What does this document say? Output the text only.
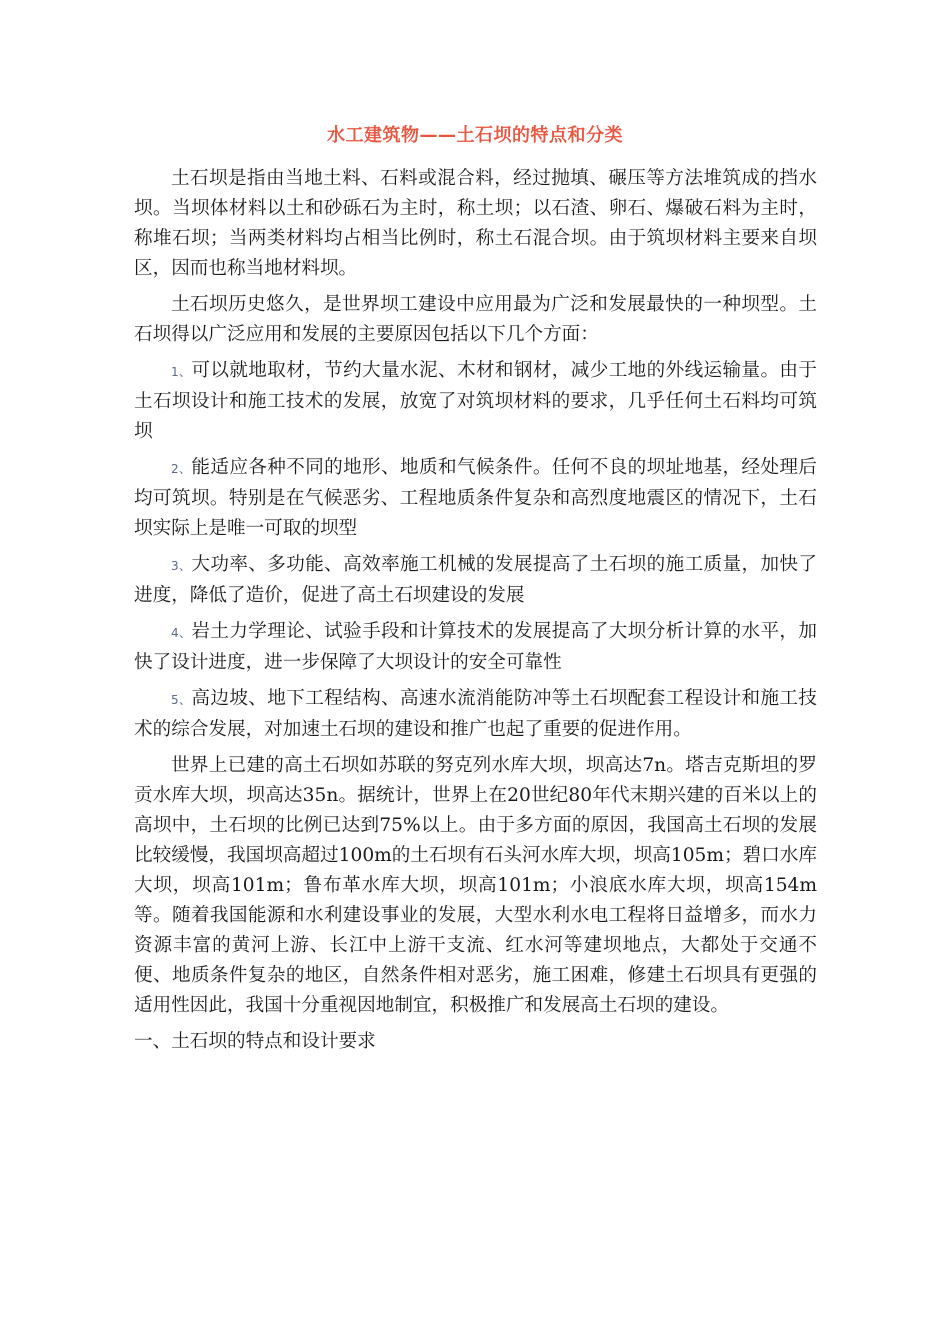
水工建筑物——土石坝的特点和分类

土石坝是指由当地土料、石料或混合料，经过抛填、碾压等方法堆筑成的挡水坝。当坝体材料以土和砂砾石为主时，称土坝；以石渣、卵石、爆破石料为主时，称堆石坝；当两类材料均占相当比例时，称土石混合坝。由于筑坝材料主要来自坝区，因而也称当地材料坝。

土石坝历史悠久，是世界坝工建设中应用最为广泛和发展最快的一种坝型。土石坝得以广泛应用和发展的主要原因包括以下几个方面：

1、可以就地取材，节约大量水泥、木材和钢材，减少工地的外线运输量。由于土石坝设计和施工技术的发展，放宽了对筑坝材料的要求，几乎任何土石料均可筑坝

2、能适应各种不同的地形、地质和气候条件。任何不良的坝址地基，经处理后均可筑坝。特别是在气候恶劣、工程地质条件复杂和高烈度地震区的情况下，土石坝实际上是唯一可取的坝型

3、大功率、多功能、高效率施工机械的发展提高了土石坝的施工质量，加快了进度，降低了造价，促进了高土石坝建设的发展

4、岩土力学理论、试验手段和计算技术的发展提高了大坝分析计算的水平，加快了设计进度，进一步保障了大坝设计的安全可靠性

5、高边坡、地下工程结构、高速水流消能防冲等土石坝配套工程设计和施工技术的综合发展，对加速土石坝的建设和推广也起了重要的促进作用。

世界上已建的高土石坝如苏联的努克列水库大坝，坝高达7n。塔吉克斯坦的罗贡水库大坝，坝高达35n。据统计，世界上在20世纪80年代末期兴建的百米以上的高坝中，土石坝的比例已达到75%以上。由于多方面的原因，我国高土石坝的发展比较缓慢，我国坝高超过100m的土石坝有石头河水库大坝，坝高105m；碧口水库大坝，坝高101m；鲁布革水库大坝，坝高101m；小浪底水库大坝，坝高154m等。随着我国能源和水利建设事业的发展，大型水利水电工程将日益增多，而水力资源丰富的黄河上游、长江中上游干支流、红水河等建坝地点，大都处于交通不便、地质条件复杂的地区，自然条件相对恶劣，施工困难，修建土石坝具有更强的适用性因此，我国十分重视因地制宜，积极推广和发展高土石坝的建设。

一、土石坝的特点和设计要求
